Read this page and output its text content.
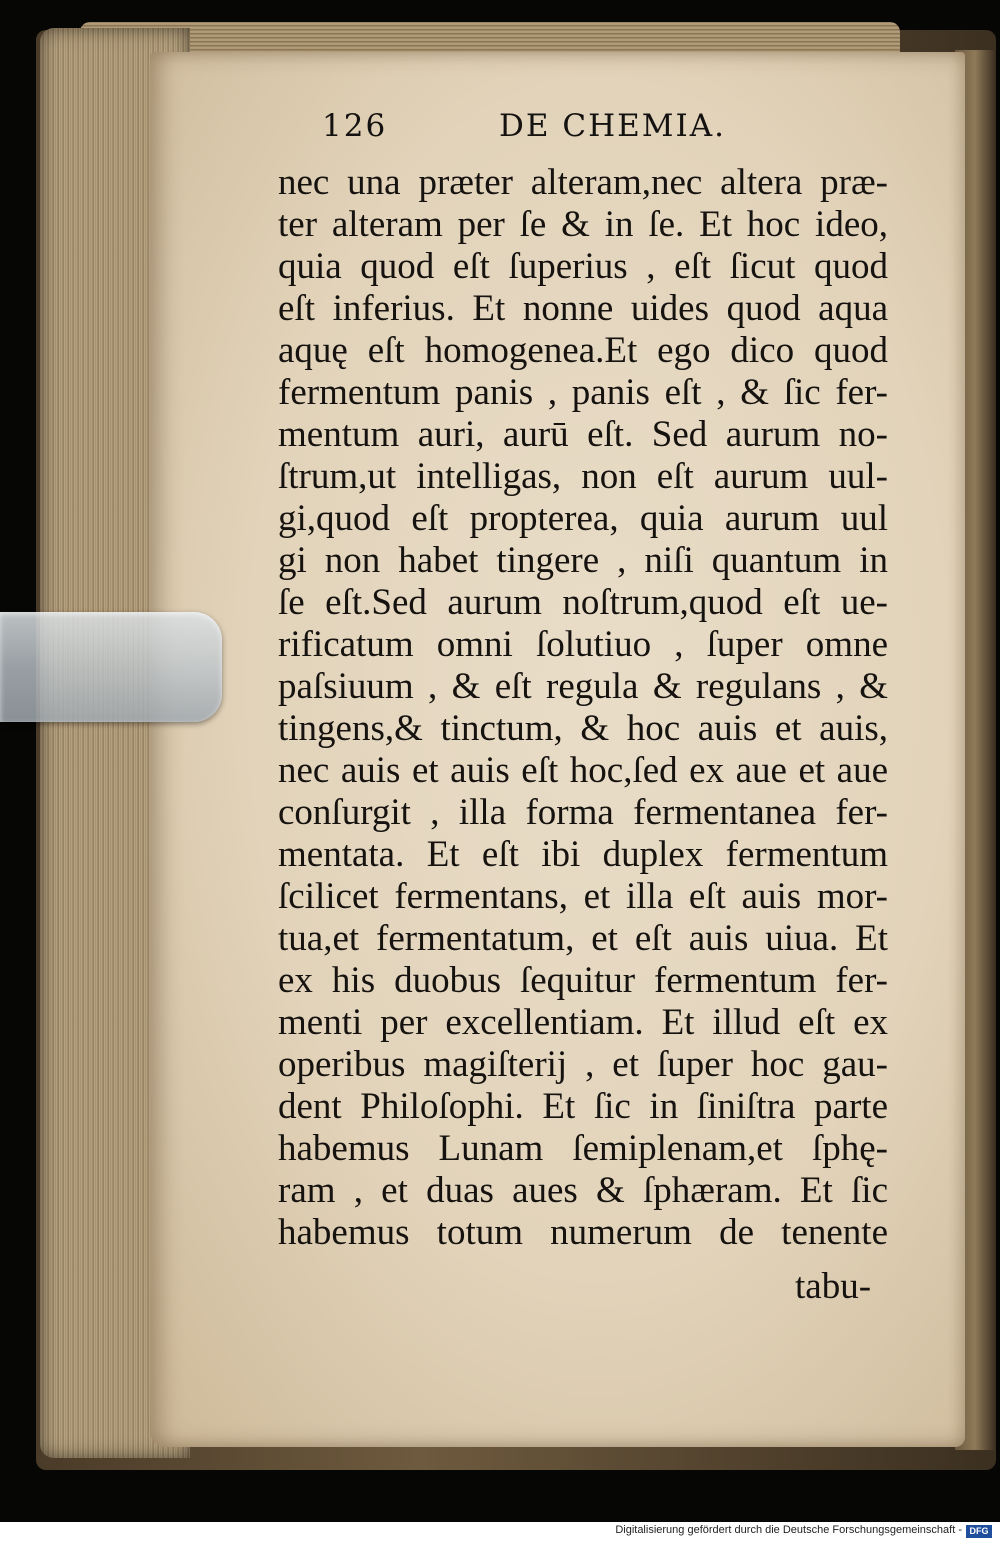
126	DE CHEMIA.
nec una præter alteram,nec altera præ-
ter alteram per ſe & in ſe. Et hoc ideo,
quia quod eſt ſuperius , eſt ſicut quod
eſt inferius. Et nonne uides quod aqua
aquę eſt homogenea.Et ego dico quod
fermentum panis , panis eſt , & ſic fer-
mentum auri, aurū eſt. Sed aurum no-
ſtrum,ut intelligas, non eſt aurum uul-
gi,quod eſt propterea, quia aurum uul
gi non habet tingere , niſi quantum in
ſe eſt.Sed aurum noſtrum,quod eſt ue-
rificatum omni ſolutiuo , ſuper omne
paſsiuum , & eſt regula & regulans , &
tingens,& tinctum, & hoc auis et auis,
nec auis et auis eſt hoc,ſed ex aue et aue
conſurgit , illa forma fermentanea fer-
mentata. Et eſt ibi duplex fermentum
ſcilicet fermentans, et illa eſt auis mor-
tua,et fermentatum, et eſt auis uiua. Et
ex his duobus ſequitur fermentum fer-
menti per excellentiam. Et illud eſt ex
operibus magiſterij , et ſuper hoc gau-
dent Philoſophi. Et ſic in ſiniſtra parte
habemus Lunam ſemiplenam,et ſphę-
ram , et duas aues & ſphæram. Et ſic
habemus totum numerum de tenente
tabu-
Digitalisierung gefördert durch die Deutsche Forschungsgemeinschaft - DFG
